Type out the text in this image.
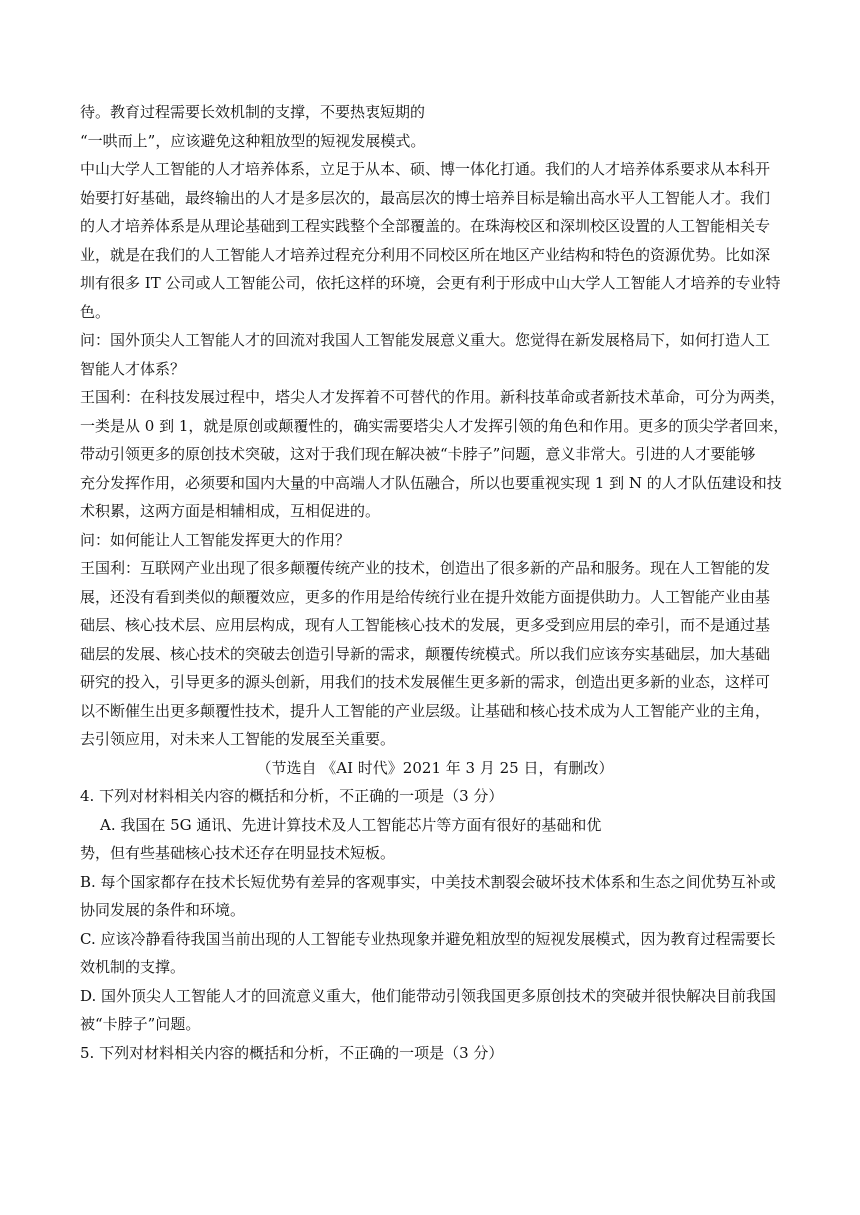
待。教育过程需要长效机制的支撑，不要热衷短期的
“一哄而上”，应该避免这种粗放型的短视发展模式。
中山大学人工智能的人才培养体系，立足于从本、硕、博一体化打通。我们的人才培养体系要求从本科开
始要打好基础，最终输出的人才是多层次的，最高层次的博士培养目标是输出高水平人工智能人才。我们
的人才培养体系是从理论基础到工程实践整个全部覆盖的。在珠海校区和深圳校区设置的人工智能相关专
业，就是在我们的人工智能人才培养过程充分利用不同校区所在地区产业结构和特色的资源优势。比如深
圳有很多 IT 公司或人工智能公司，依托这样的环境，会更有利于形成中山大学人工智能人才培养的专业特
色。
问：国外顶尖人工智能人才的回流对我国人工智能发展意义重大。您觉得在新发展格局下，如何打造人工
智能人才体系？
王国利：在科技发展过程中，塔尖人才发挥着不可替代的作用。新科技革命或者新技术革命，可分为两类，
一类是从 0 到 1，就是原创或颠覆性的，确实需要塔尖人才发挥引领的角色和作用。更多的顶尖学者回来，
带动引领更多的原创技术突破，这对于我们现在解决被“卡脖子”问题，意义非常大。引进的人才要能够
充分发挥作用，必须要和国内大量的中高端人才队伍融合，所以也要重视实现 1 到 N 的人才队伍建设和技
术积累，这两方面是相辅相成，互相促进的。
问：如何能让人工智能发挥更大的作用？
王国利：互联网产业出现了很多颠覆传统产业的技术，创造出了很多新的产品和服务。现在人工智能的发
展，还没有看到类似的颠覆效应，更多的作用是给传统行业在提升效能方面提供助力。人工智能产业由基
础层、核心技术层、应用层构成，现有人工智能核心技术的发展，更多受到应用层的牵引，而不是通过基
础层的发展、核心技术的突破去创造引导新的需求，颠覆传统模式。所以我们应该夯实基础层，加大基础
研究的投入，引导更多的源头创新，用我们的技术发展催生更多新的需求，创造出更多新的业态，这样可
以不断催生出更多颠覆性技术，提升人工智能的产业层级。让基础和核心技术成为人工智能产业的主角，
去引领应用，对未来人工智能的发展至关重要。
（节选自 《AI 时代》2021 年 3 月 25 日，有删改）
4. 下列对材料相关内容的概括和分析，不正确的一项是（3 分）
A. 我国在 5G 通讯、先进计算技术及人工智能芯片等方面有很好的基础和优
势，但有些基础核心技术还存在明显技术短板。
B. 每个国家都存在技术长短优势有差异的客观事实，中美技术割裂会破坏技术体系和生态之间优势互补或
协同发展的条件和环境。
C. 应该冷静看待我国当前出现的人工智能专业热现象并避免粗放型的短视发展模式，因为教育过程需要长
效机制的支撑。
D. 国外顶尖人工智能人才的回流意义重大，他们能带动引领我国更多原创技术的突破并很快解决目前我国
被“卡脖子”问题。
5. 下列对材料相关内容的概括和分析，不正确的一项是（3 分）
